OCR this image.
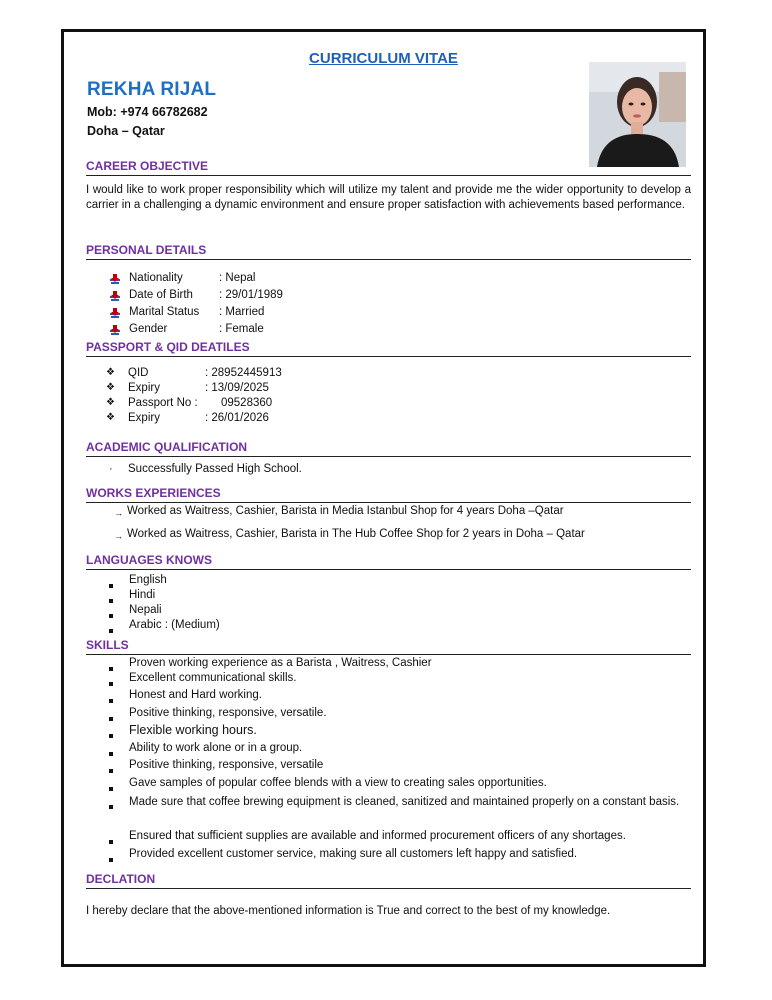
CURRICULUM VITAE
REKHA RIJAL
Mob: +974 66782682
Doha – Qatar
CAREER OBJECTIVE
I would like to work proper responsibility which will utilize my talent and provide me the wider opportunity to develop a carrier in a challenging a dynamic environment and ensure proper satisfaction with achievements based performance.
PERSONAL DETAILS
PASSPORT & QID DEATILES
ACADEMIC QUALIFICATION
WORKS EXPERIENCES
LANGUAGES KNOWS
SKILLS
DECLATION
I hereby declare that the above-mentioned information is True and correct to the best of my knowledge.
Nationality	: Nepal
Date of Birth : 29/01/1989
Marital Status : Married
Gender	: Female
❖ QID	: 28952445913
❖ Expiry	: 13/09/2025
❖ Passport No : 09528360
❖ Expiry	: 26/01/2026
· Successfully Passed High School.
→ Worked as Waitress, Cashier, Barista in Media Istanbul Shop for 4 years Doha –Qatar
→ Worked as Waitress, Cashier, Barista in The Hub Coffee Shop for 2 years in Doha – Qatar
English
Hindi
Nepali
Arabic : (Medium)
Proven working experience as a Barista , Waitress, Cashier
Excellent communicational skills.
Honest and Hard working.
Positive thinking, responsive, versatile.
Flexible working hours.
Ability to work alone or in a group.
Positive thinking, responsive, versatile
Gave samples of popular coffee blends with a view to creating sales opportunities.
Made sure that coffee brewing equipment is cleaned, sanitized and maintained properly on a constant basis.
Ensured that sufficient supplies are available and informed procurement officers of any shortages.
Provided excellent customer service, making sure all customers left happy and satisfied.
